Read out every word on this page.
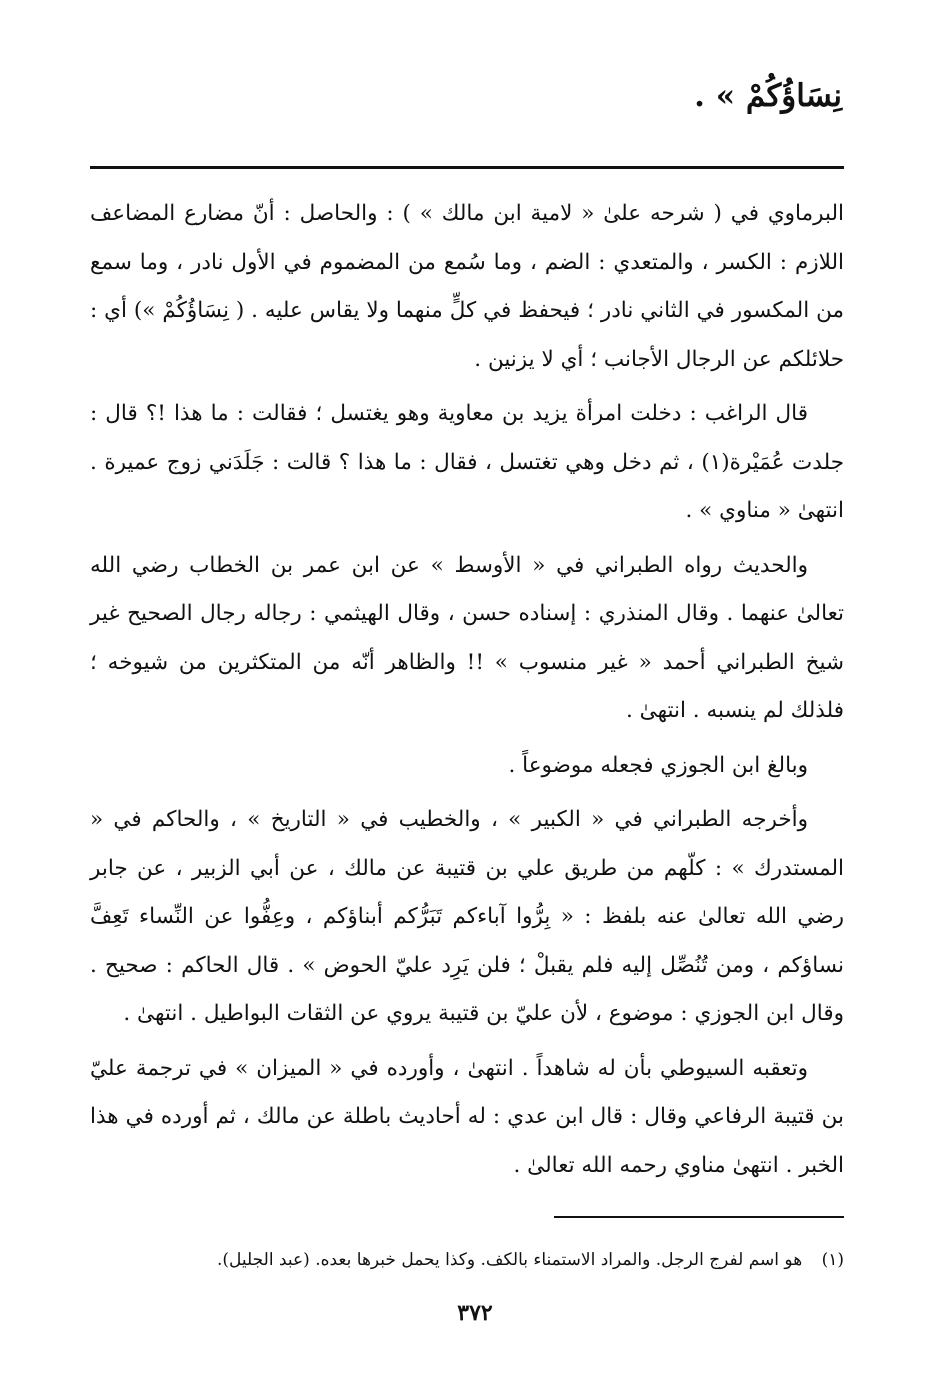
نِسَاؤُكُمْ » .

البرماوي في ( شرحه علىٰ « لامية ابن مالك » ) : والحاصل : أنّ مضارع المضاعف اللازم : الكسر ، والمتعدي : الضم ، وما سُمع من المضموم في الأول نادر ، وما سمع من المكسور في الثاني نادر ؛ فيحفظ في كلٍّ منهما ولا يقاس عليه . ( نِسَاؤُكُمْ ») أي : حلائلكم عن الرجال الأجانب ؛ أي لا يزنين .

قال الراغب : دخلت امرأة يزيد بن معاوية وهو يغتسل ؛ فقالت : ما هذا !؟ قال : جلدت عُمَيْرة(١) ، ثم دخل وهي تغتسل ، فقال : ما هذا ؟ قالت : جَلَدَني زوج عميرة . انتهىٰ « مناوي » .

والحديث رواه الطبراني في « الأوسط » عن ابن عمر بن الخطاب رضي الله تعالىٰ عنهما . وقال المنذري : إسناده حسن ، وقال الهيثمي : رجاله رجال الصحيح غير شيخ الطبراني أحمد « غير منسوب » !! والظاهر أنّه من المتكثرين من شيوخه ؛ فلذلك لم ينسبه . انتهىٰ .

وبالغ ابن الجوزي فجعله موضوعاً .

وأخرجه الطبراني في « الكبير » ، والخطيب في « التاريخ » ، والحاكم في « المستدرك » : كلّهم من طريق علي بن قتيبة عن مالك ، عن أبي الزبير ، عن جابر رضي الله تعالىٰ عنه بلفظ : « بِرُّوا آباءكم تَبَرُّكم أبناؤكم ، وعِفُّوا عن النِّساء تَعِفَّ نساؤكم ، ومن تُنُصِّل إليه فلم يقبلْ ؛ فلن يَرِد عليّ الحوض » . قال الحاكم : صحيح . وقال ابن الجوزي : موضوع ، لأن عليّ بن قتيبة يروي عن الثقات البواطيل . انتهىٰ .

وتعقبه السيوطي بأن له شاهداً . انتهىٰ ، وأورده في « الميزان » في ترجمة عليّ بن قتيبة الرفاعي وقال : قال ابن عدي : له أحاديث باطلة عن مالك ، ثم أورده في هذا الخبر . انتهىٰ مناوي رحمه الله تعالىٰ .

(١) هو اسم لفرج الرجل. والمراد الاستمناء بالكف. وكذا يحمل خبرها بعده. (عبد الجليل).
٣٧٢
